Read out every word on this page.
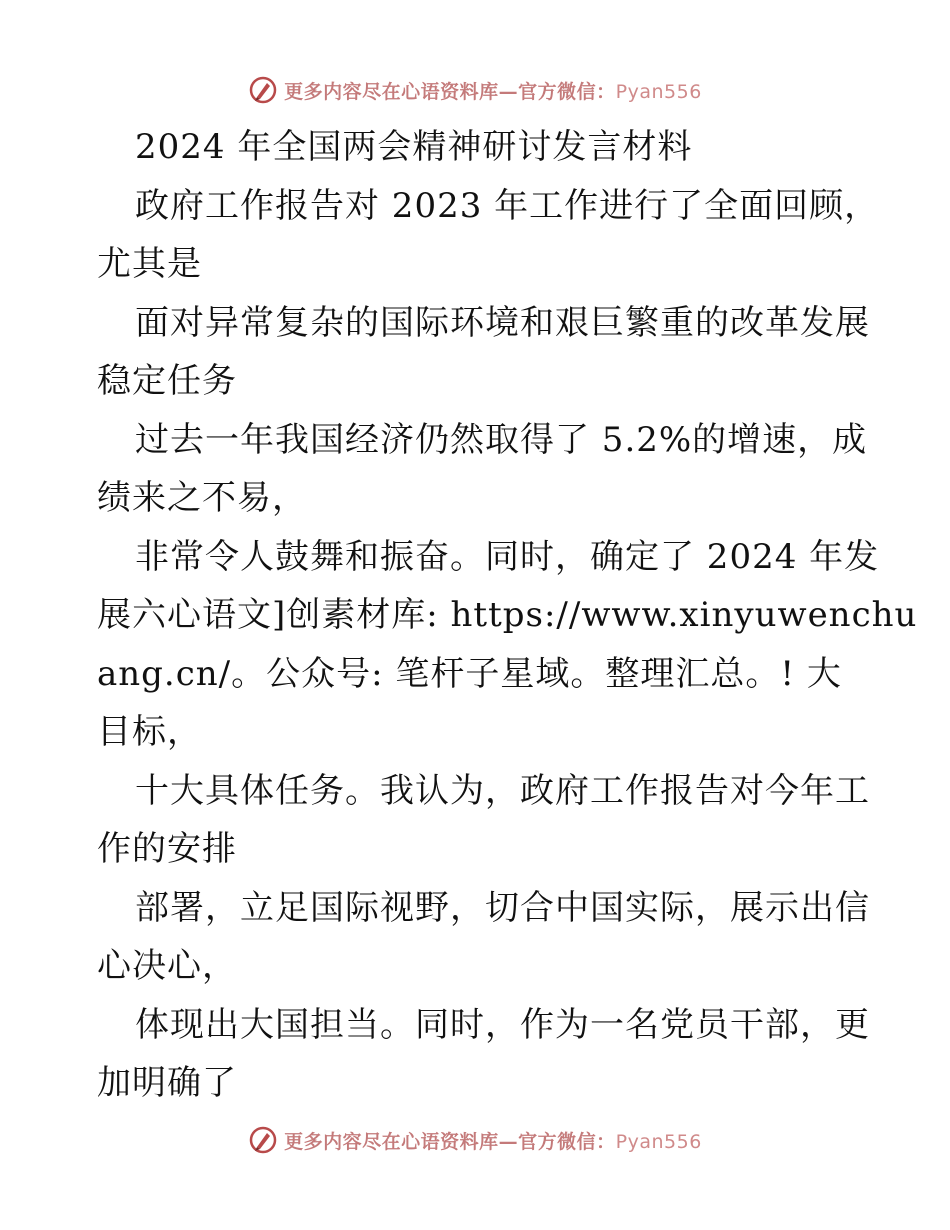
更多内容尽在心语资料库—官方微信：Pyan556
2024 年全国两会精神研讨发言材料
政府工作报告对 2023 年工作进行了全面回顾，
尤其是
面对异常复杂的国际环境和艰巨繁重的改革发展
稳定任务
过去一年我国经济仍然取得了 5.2%的增速，成
绩来之不易，
非常令人鼓舞和振奋。同时，确定了 2024 年发
展六心语文]创素材库: https://www.xinyuwenchu
ang.cn/。公众号: 笔杆子星域。整理汇总。! 大
目标，
十大具体任务。我认为，政府工作报告对今年工
作的安排
部署，立足国际视野，切合中国实际，展示出信
心决心，
体现出大国担当。同时，作为一名党员干部，更
加明确了
更多内容尽在心语资料库—官方微信：Pyan556
